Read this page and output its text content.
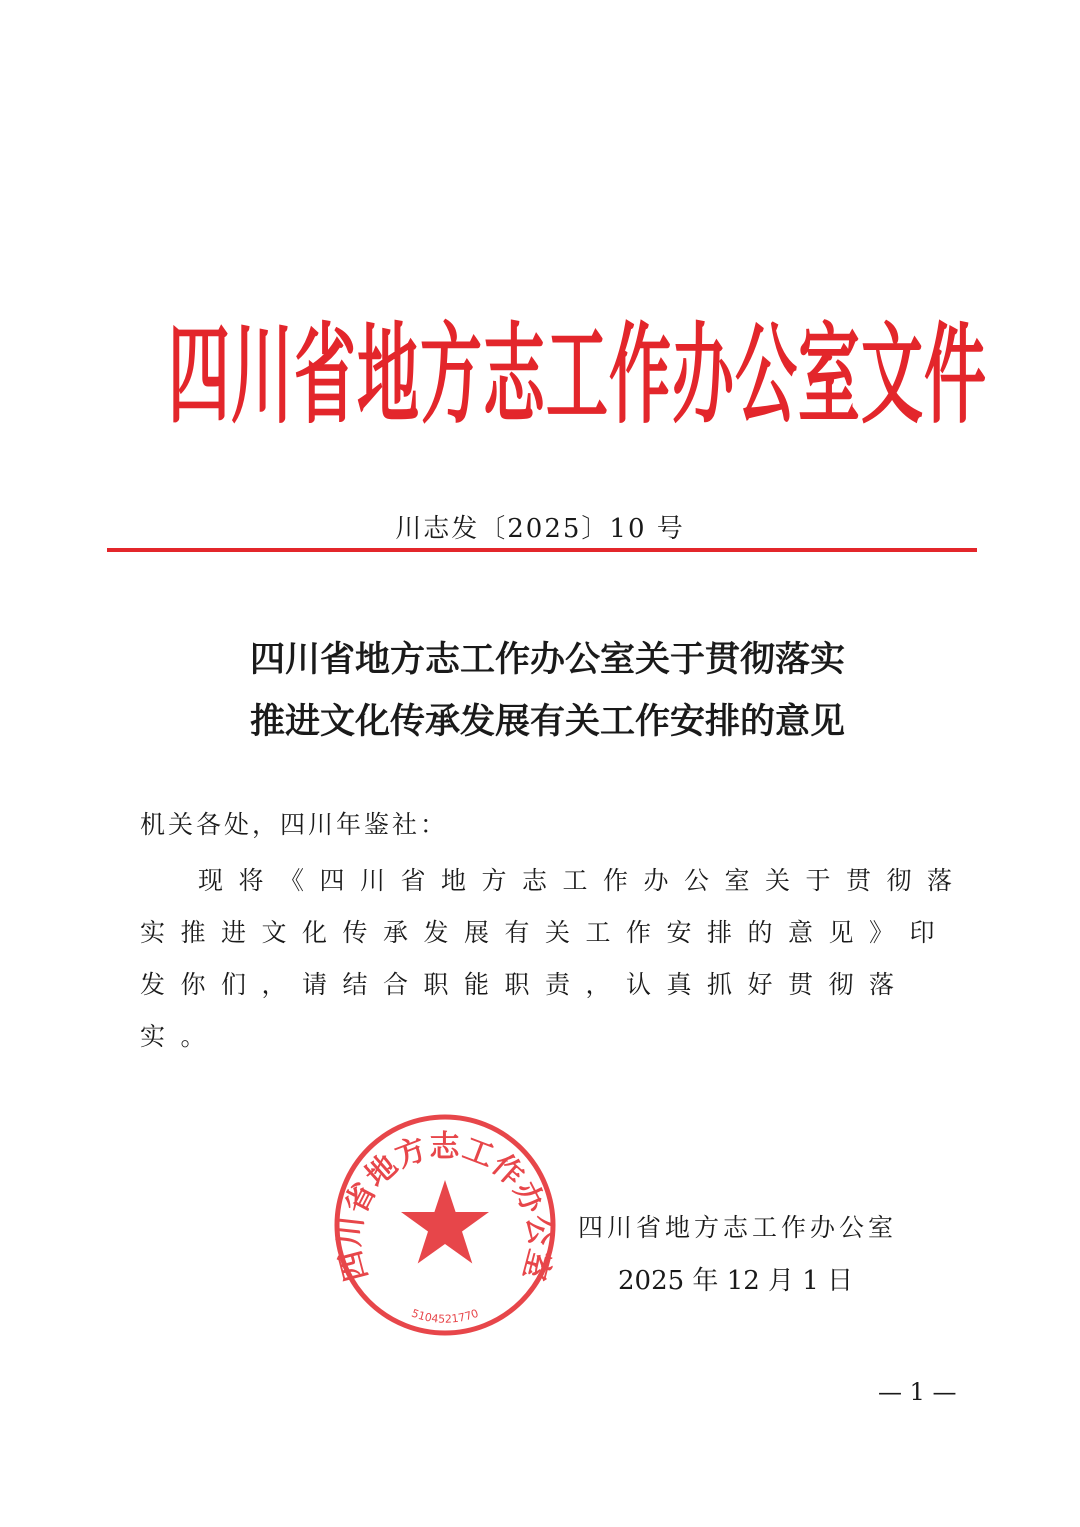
四川省地方志工作办公室文件
川志发〔2025〕10 号
四川省地方志工作办公室关于贯彻落实
推进文化传承发展有关工作安排的意见
机关各处，四川年鉴社：
现将《四川省地方志工作办公室关于贯彻落实推进文化传承发展有关工作安排的意见》印发你们，请结合职能职责，认真抓好贯彻落实。
四川省地方志工作办公室
5104521770
四川省地方志工作办公室
2025 年 12 月 1 日
— 1 —
